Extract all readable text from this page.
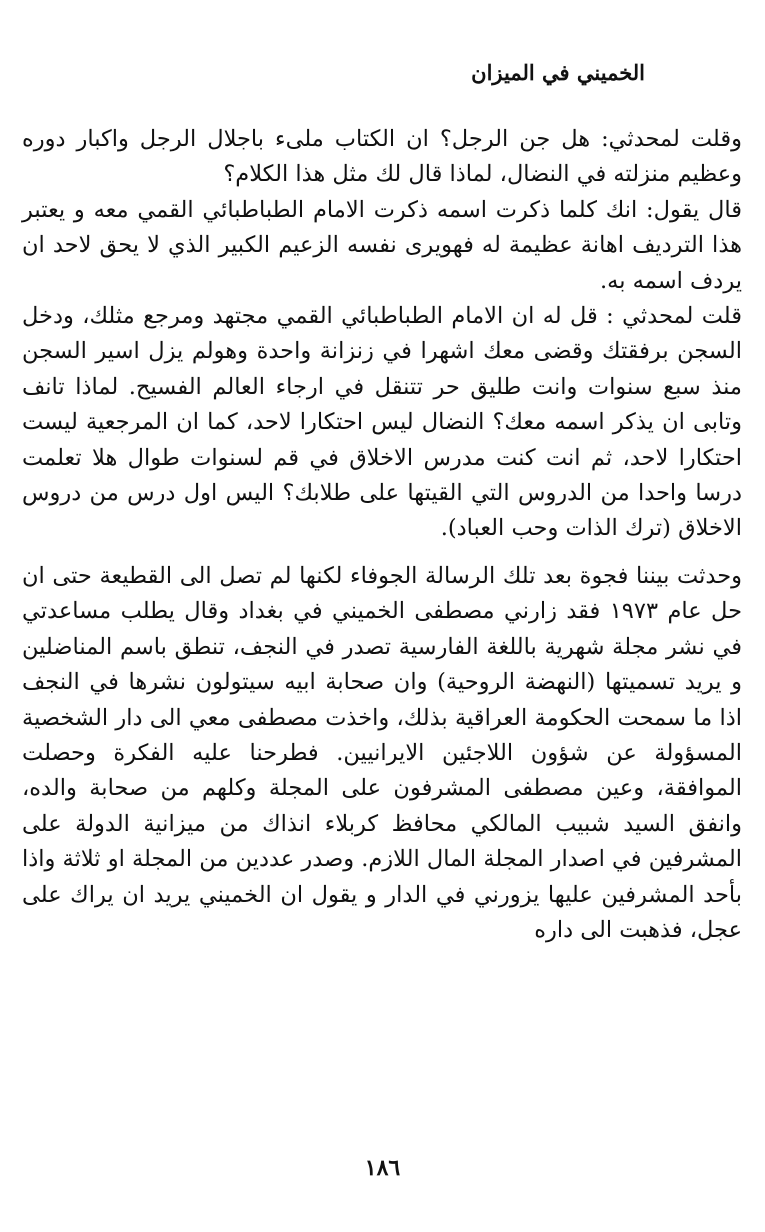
الخميني في الميزان

وقلت لمحدثي: هل جن الرجل؟ ان الكتاب ملىء باجلال الرجل واكبار دوره وعظيم منزلته في النضال، لماذا قال لك مثل هذا الكلام؟

قال يقول: انك كلما ذكرت اسمه ذكرت الامام الطباطبائي القمي معه و يعتبر هذا الترديف اهانة عظيمة له فهويرى نفسه الزعيم الكبير الذي لا يحق لاحد ان يردف اسمه به.

قلت لمحدثي : قل له ان الامام الطباطبائي القمي مجتهد ومرجع مثلك، ودخل السجن برفقتك وقضى معك اشهرا في زنزانة واحدة وهولم يزل اسير السجن منذ سبع سنوات وانت طليق حر تتنقل في ارجاء العالم الفسيح. لماذا تانف وتابى ان يذكر اسمه معك؟ النضال ليس احتكارا لاحد، كما ان المرجعية ليست احتكارا لاحد، ثم انت كنت مدرس الاخلاق في قم لسنوات طوال هلا تعلمت درسا واحدا من الدروس التي القيتها على طلابك؟ اليس اول درس من دروس الاخلاق (ترك الذات وحب العباد).

وحدثت بيننا فجوة بعد تلك الرسالة الجوفاء لكنها لم تصل الى القطيعة حتى ان حل عام ١٩٧٣ فقد زارني مصطفى الخميني في بغداد وقال يطلب مساعدتي في نشر مجلة شهرية باللغة الفارسية تصدر في النجف، تنطق باسم المناضلين و يريد تسميتها (النهضة الروحية) وان صحابة ابيه سيتولون نشرها في النجف اذا ما سمحت الحكومة العراقية بذلك، واخذت مصطفى معي الى دار الشخصية المسؤولة عن شؤون اللاجئين الايرانيين. فطرحنا عليه الفكرة وحصلت الموافقة، وعين مصطفى المشرفون على المجلة وكلهم من صحابة والده، وانفق السيد شبيب المالكي محافظ كربلاء انذاك من ميزانية الدولة على المشرفين في اصدار المجلة المال اللازم. وصدر عددين من المجلة او ثلاثة واذا بأحد المشرفين عليها يزورني في الدار و يقول ان الخميني يريد ان يراك على عجل، فذهبت الى داره

١٨٦
